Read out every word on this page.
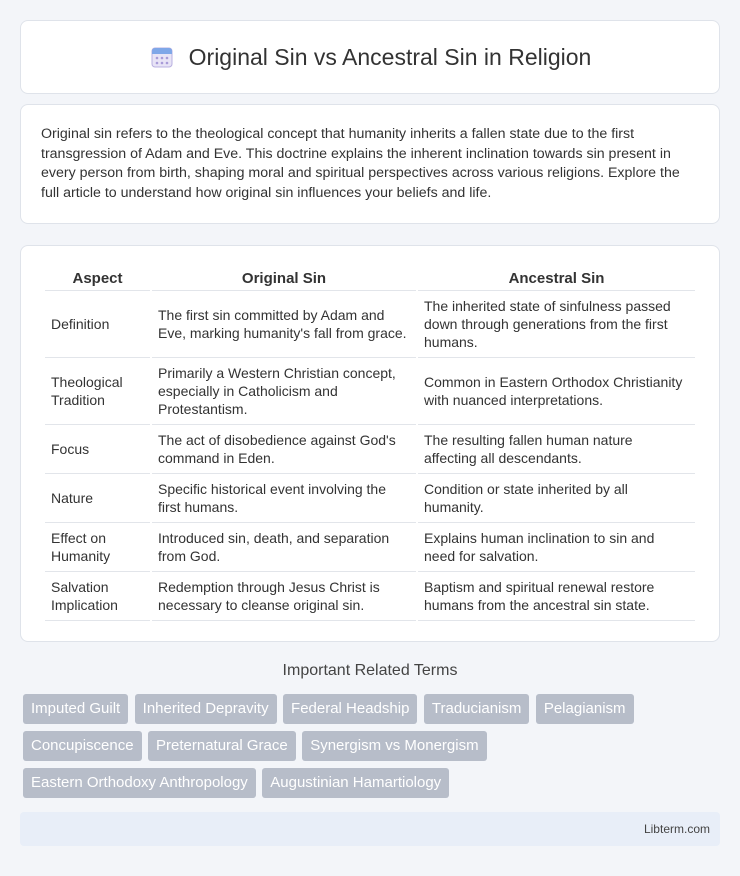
Original Sin vs Ancestral Sin in Religion

Original sin refers to the theological concept that humanity inherits a fallen state due to the first transgression of Adam and Eve. This doctrine explains the inherent inclination towards sin present in every person from birth, shaping moral and spiritual perspectives across various religions. Explore the full article to understand how original sin influences your beliefs and life.

Aspect	Original Sin	Ancestral Sin
Definition	The first sin committed by Adam and Eve, marking humanity's fall from grace.	The inherited state of sinfulness passed down through generations from the first humans.
Theological Tradition	Primarily a Western Christian concept, especially in Catholicism and Protestantism.	Common in Eastern Orthodox Christianity with nuanced interpretations.
Focus	The act of disobedience against God's command in Eden.	The resulting fallen human nature affecting all descendants.
Nature	Specific historical event involving the first humans.	Condition or state inherited by all humanity.
Effect on Humanity	Introduced sin, death, and separation from God.	Explains human inclination to sin and need for salvation.
Salvation Implication	Redemption through Jesus Christ is necessary to cleanse original sin.	Baptism and spiritual renewal restore humans from the ancestral sin state.
Important Related Terms
Imputed Guilt Inherited Depravity Federal Headship Traducianism Pelagianism Concupiscence Preternatural Grace Synergism vs Monergism Eastern Orthodoxy Anthropology Augustinian Hamartiology
Libterm.com
